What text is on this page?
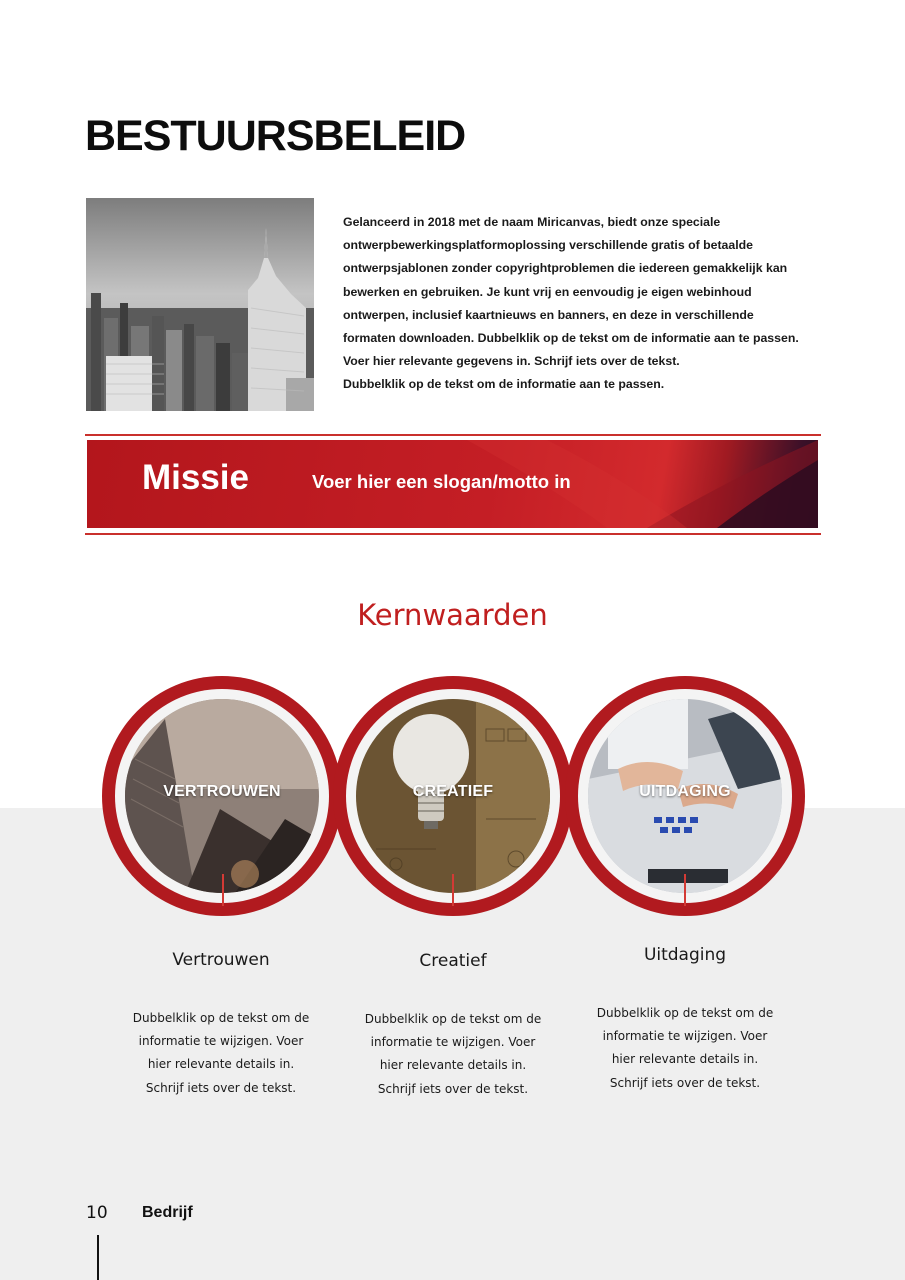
BESTUURSBELEID

Gelanceerd in 2018 met de naam Miricanvas, biedt onze speciale

ontwerpbewerkingsplatformoplossing verschillende gratis of betaalde

ontwerpsjablonen zonder copyrightproblemen die iedereen gemakkelijk kan

bewerken en gebruiken. Je kunt vrij en eenvoudig je eigen webinhoud

ontwerpen, inclusief kaartnieuws en banners, en deze in verschillende

formaten downloaden. Dubbelklik op de tekst om de informatie aan te passen.

Voer hier relevante gegevens in. Schrijf iets over de tekst.

Dubbelklik op de tekst om de informatie aan te passen.

Missie	Voer hier een slogan/motto in
Kernwaarden
VERTROUWEN
Vertrouwen

Dubbelklik op de tekst om de

informatie te wijzigen. Voer

hier relevante details in.

Schrijf iets over de tekst.

CREATIEF
Creatief

Dubbelklik op de tekst om de

informatie te wijzigen. Voer

hier relevante details in.

Schrijf iets over de tekst.

UITDAGING
Uitdaging

Dubbelklik op de tekst om de

informatie te wijzigen. Voer

hier relevante details in.

Schrijf iets over de tekst.

10 Bedrijf
